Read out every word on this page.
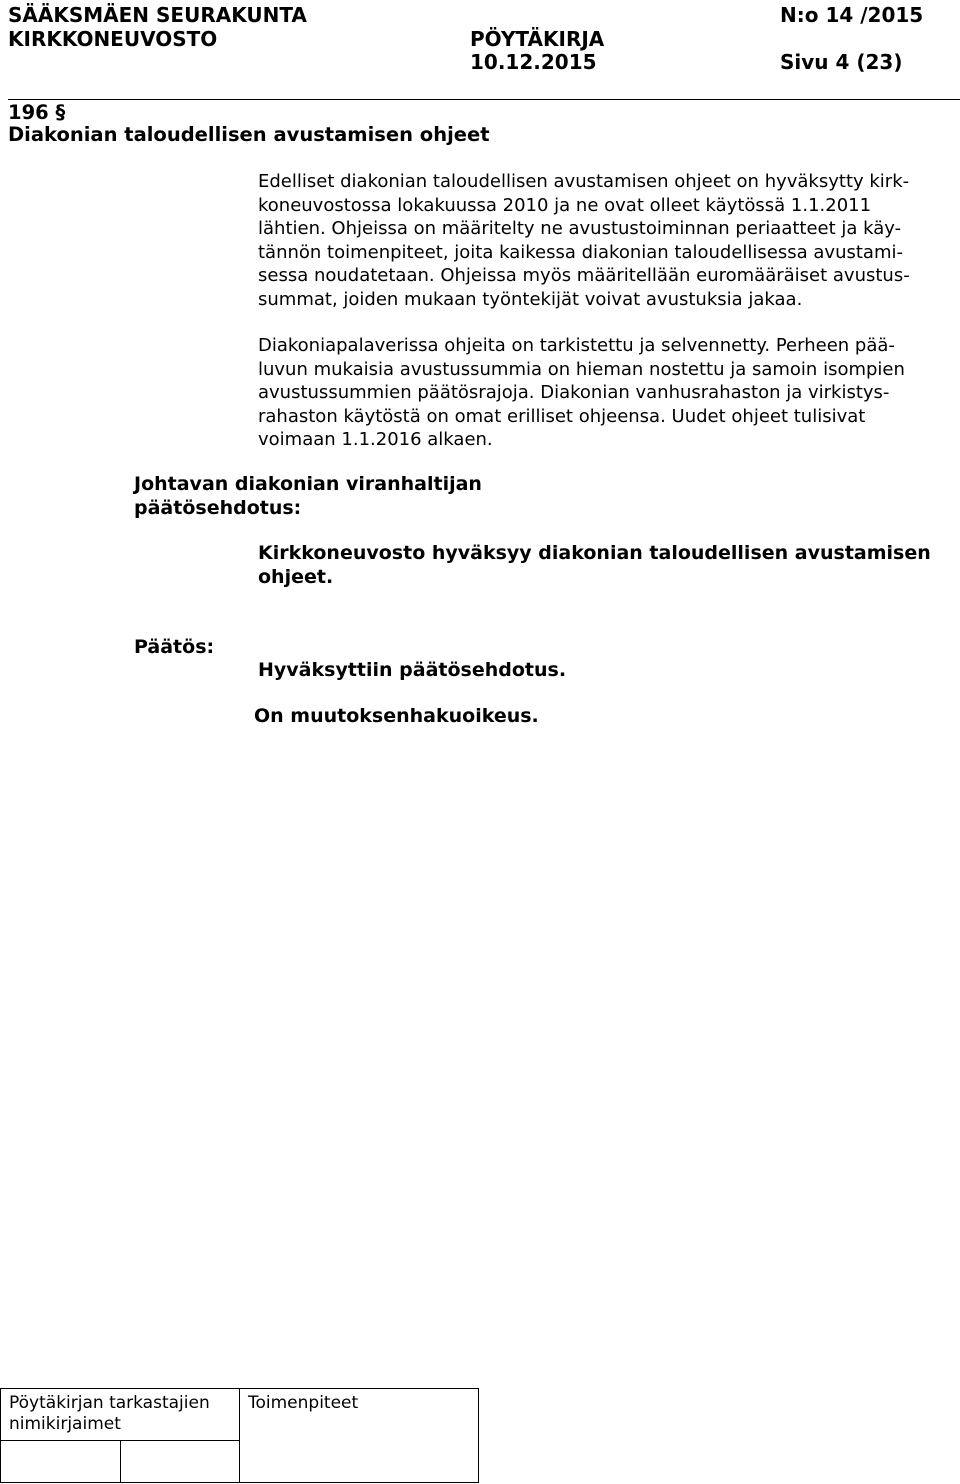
SÄÄKSMÄEN SEURAKUNTA
KIRKKONEUVOSTO	PÖYTÄKIRJA
10.12.2015
N:o 14 /2015
Sivu 4 (23)
196 §
Diakonian taloudellisen avustamisen ohjeet
Edelliset diakonian taloudellisen avustamisen ohjeet on hyväksytty kirk-
koneuvostossa lokakuussa 2010 ja ne ovat olleet käytössä 1.1.2011
lähtien. Ohjeissa on määritelty ne avustustoiminnan periaatteet ja käy-
tännön toimenpiteet, joita kaikessa diakonian taloudellisessa avustami-
sessa noudatetaan. Ohjeissa myös määritellään euromääräiset avustus-
summat, joiden mukaan työntekijät voivat avustuksia jakaa.
Diakoniapalaverissa ohjeita on tarkistettu ja selvennetty. Perheen pää-
luvun mukaisia avustussummia on hieman nostettu ja samoin isompien
avustussummien päätösrajoja. Diakonian vanhusrahaston ja virkistys-
rahaston käytöstä on omat erilliset ohjeensa. Uudet ohjeet tulisivat
voimaan 1.1.2016 alkaen.
Johtavan diakonian viranhaltijan
päätösehdotus:
Kirkkoneuvosto hyväksyy diakonian taloudellisen avustamisen
ohjeet.
Päätös:
Hyväksyttiin päätösehdotus.
On muutoksenhakuoikeus.
Pöytäkirjan tarkastajien
nimikirjaimet

Toimenpiteet
